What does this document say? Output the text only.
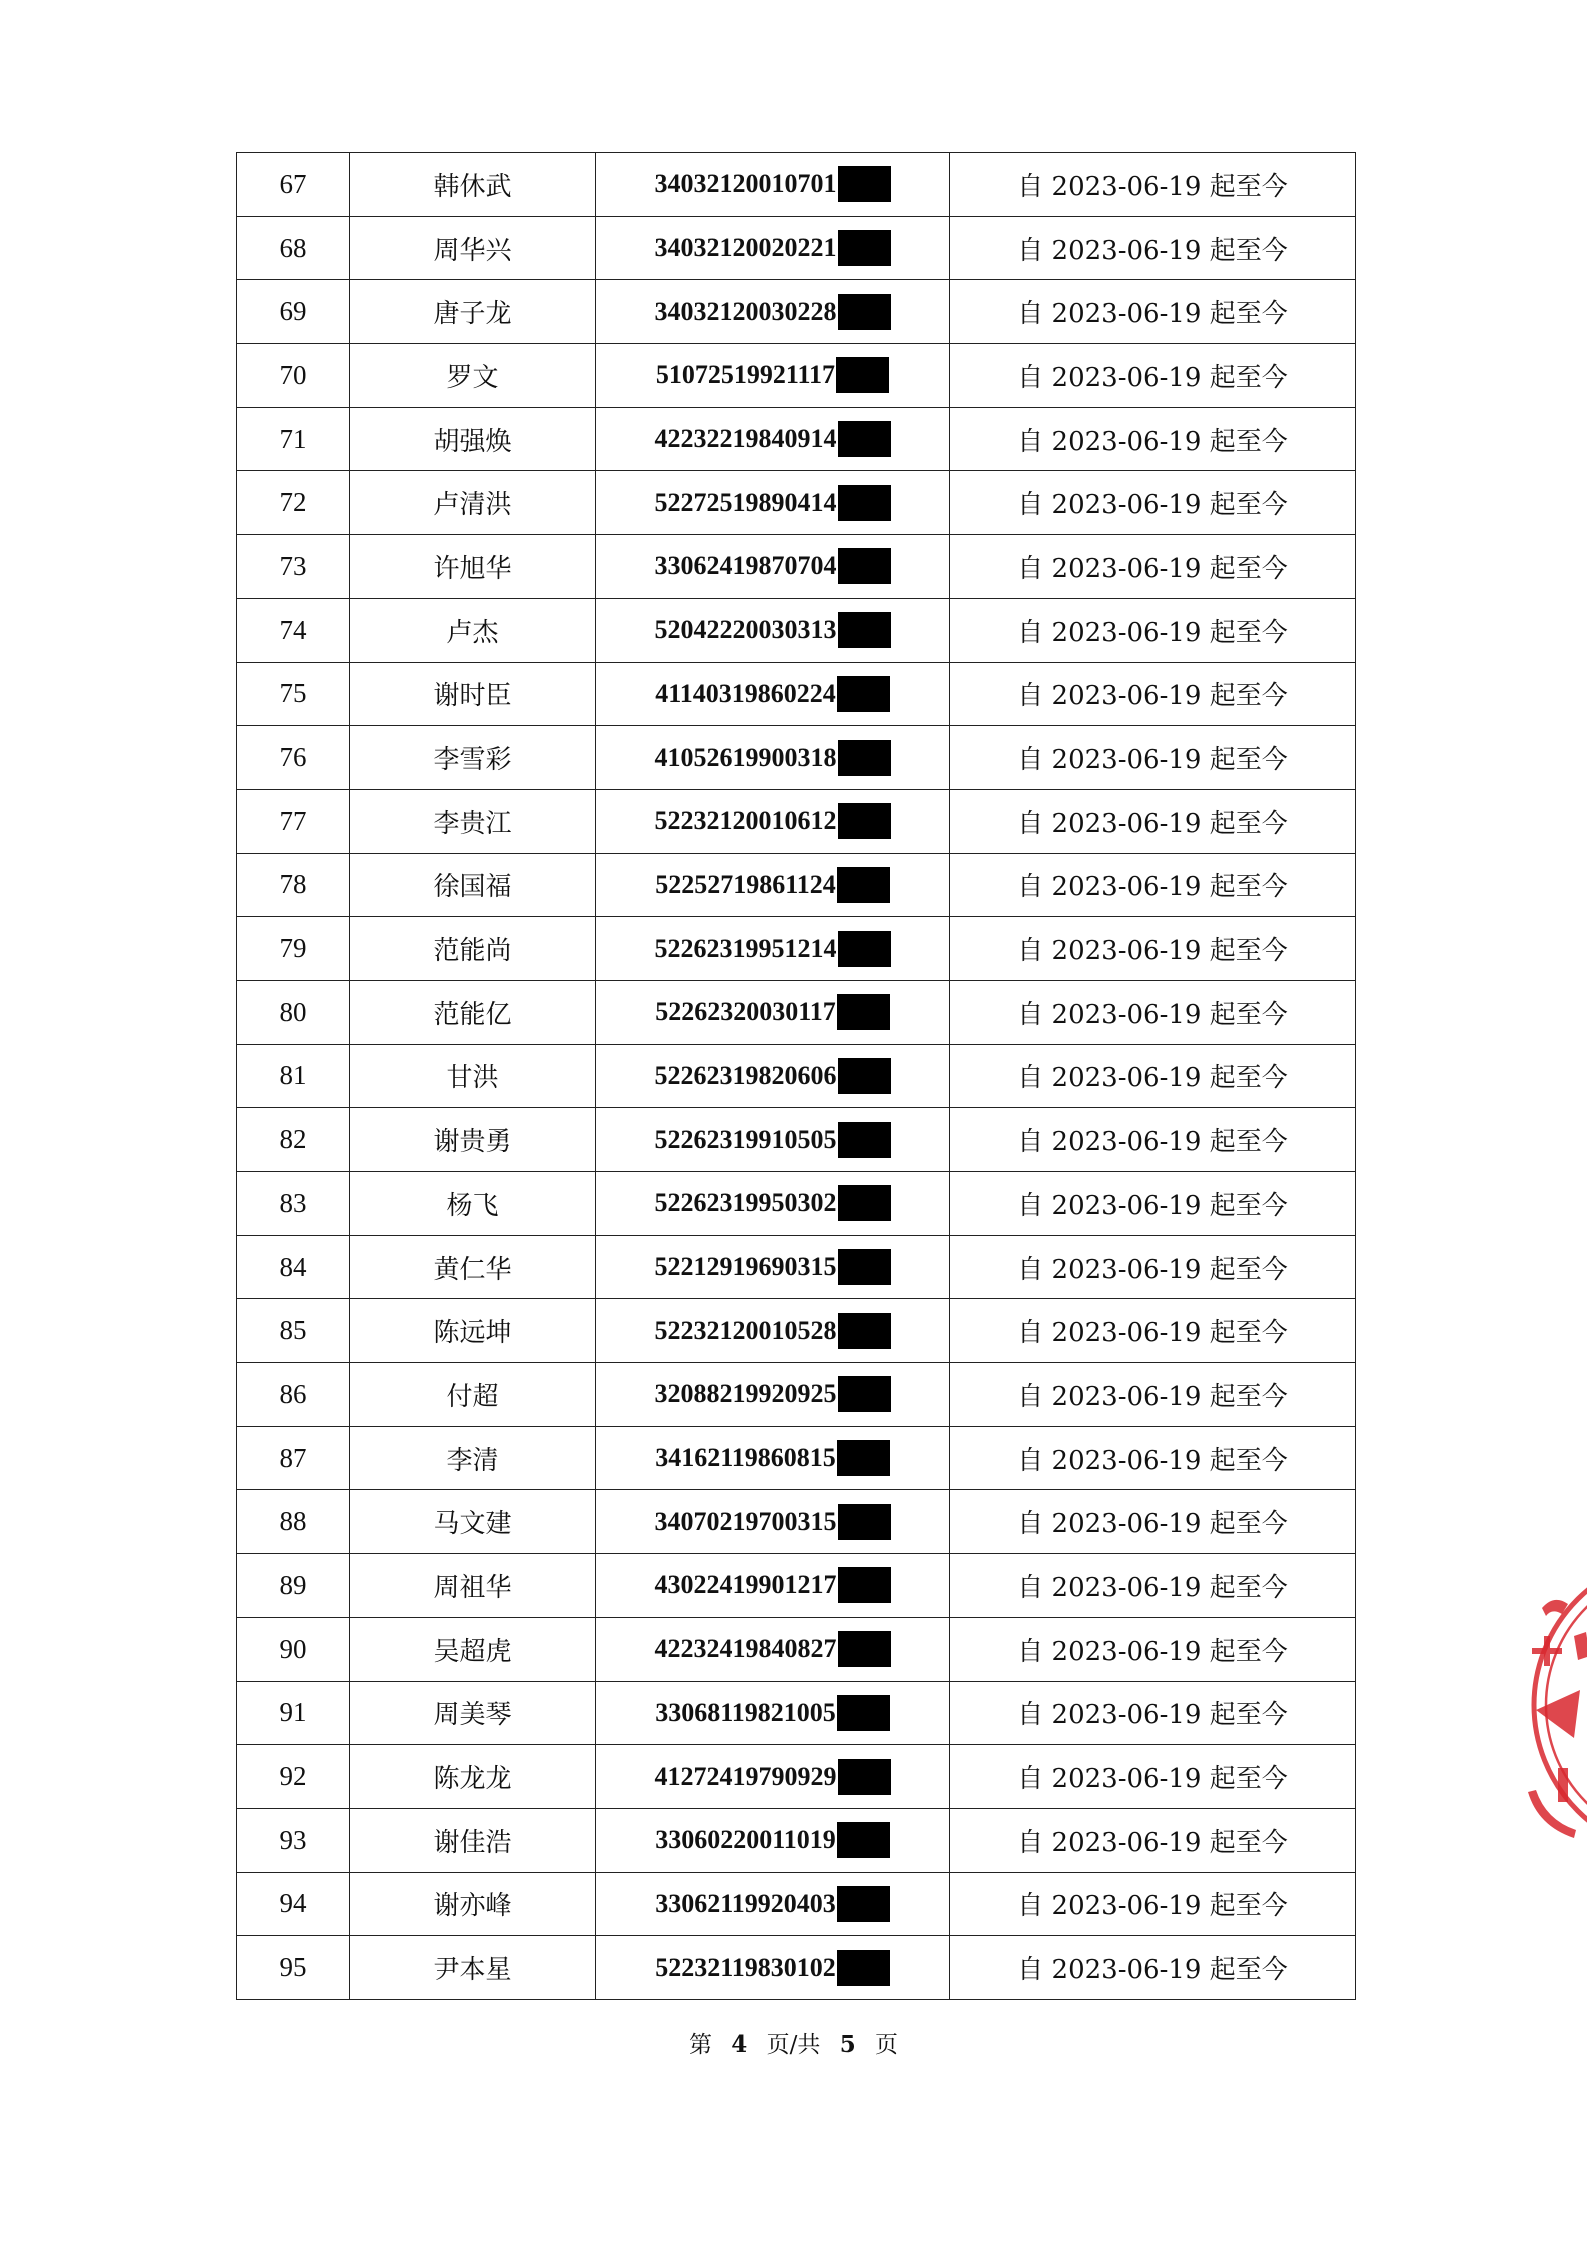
67	韩休武	34032120010701	自 2023-06-19 起至今
68	周华兴	34032120020221	自 2023-06-19 起至今
69	唐子龙	34032120030228	自 2023-06-19 起至今
70	罗文	51072519921117	自 2023-06-19 起至今
71	胡强焕	42232219840914	自 2023-06-19 起至今
72	卢清洪	52272519890414	自 2023-06-19 起至今
73	许旭华	33062419870704	自 2023-06-19 起至今
74	卢杰	52042220030313	自 2023-06-19 起至今
75	谢时臣	41140319860224	自 2023-06-19 起至今
76	李雪彩	41052619900318	自 2023-06-19 起至今
77	李贵江	52232120010612	自 2023-06-19 起至今
78	徐国福	52252719861124	自 2023-06-19 起至今
79	范能尚	52262319951214	自 2023-06-19 起至今
80	范能亿	52262320030117	自 2023-06-19 起至今
81	甘洪	52262319820606	自 2023-06-19 起至今
82	谢贵勇	52262319910505	自 2023-06-19 起至今
83	杨飞	52262319950302	自 2023-06-19 起至今
84	黄仁华	52212919690315	自 2023-06-19 起至今
85	陈远坤	52232120010528	自 2023-06-19 起至今
86	付超	32088219920925	自 2023-06-19 起至今
87	李清	34162119860815	自 2023-06-19 起至今
88	马文建	34070219700315	自 2023-06-19 起至今
89	周祖华	43022419901217	自 2023-06-19 起至今
90	吴超虎	42232419840827	自 2023-06-19 起至今
91	周美琴	33068119821005	自 2023-06-19 起至今
92	陈龙龙	41272419790929	自 2023-06-19 起至今
93	谢佳浩	33060220011019	自 2023-06-19 起至今
94	谢亦峰	33062119920403	自 2023-06-19 起至今
95	尹本星	52232119830102	自 2023-06-19 起至今
第 4 页/共 5 页
